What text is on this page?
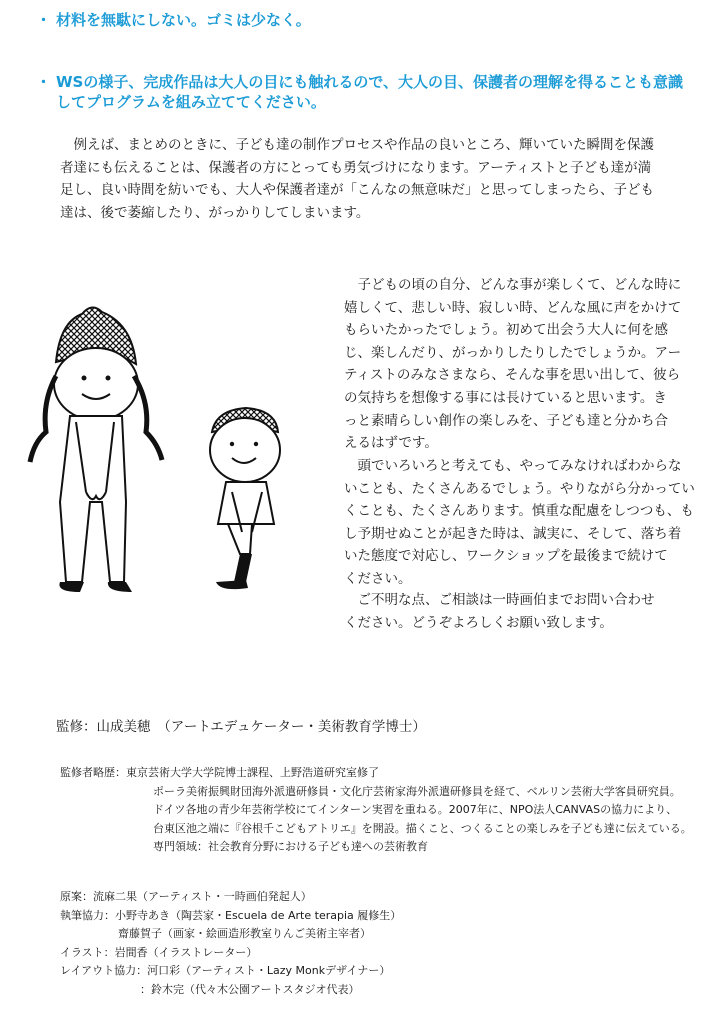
・ 材料を無駄にしない。ゴミは少なく。
・ WSの様子、完成作品は大人の目にも触れるので、大人の目、保護者の理解を得ることも意識してプログラムを組み立ててください。

　例えば、まとめのときに、子ども達の制作プロセスや作品の良いところ、輝いていた瞬間を保護

者達にも伝えることは、保護者の方にとっても勇気づけになります。アーティストと子ども達が満

足し、良い時間を紡いでも、大人や保護者達が「こんなの無意味だ」と思ってしまったら、子ども

達は、後で萎縮したり、がっかりしてしまいます。

　子どもの頃の自分、どんな事が楽しくて、どんな時に

嬉しくて、悲しい時、寂しい時、どんな風に声をかけて

もらいたかったでしょう。初めて出会う大人に何を感

じ、楽しんだり、がっかりしたりしたでしょうか。アー

ティストのみなさまなら、そんな事を思い出して、彼ら

の気持ちを想像する事には長けていると思います。き

っと素晴らしい創作の楽しみを、子ども達と分かち合

えるはずです。

　頭でいろいろと考えても、やってみなければわからな

いことも、たくさんあるでしょう。やりながら分かってい

くことも、たくさんあります。慎重な配慮をしつつも、も

し予期せぬことが起きた時は、誠実に、そして、落ち着

いた態度で対応し、ワークショップを最後まで続けて

ください。

　ご不明な点、ご相談は一時画伯までお問い合わせ

ください。どうぞよろしくお願い致します。

監修：山成美穂　（アートエデュケーター・美術教育学博士）
監修者略歴：東京芸術大学大学院博士課程、上野浩道研究室修了
ポーラ美術振興財団海外派遣研修員・文化庁芸術家海外派遣研修員を経て、ベルリン芸術大学客員研究員。
ドイツ各地の青少年芸術学校にてインターン実習を重ねる。2007年に、NPO法人CANVASの協力により、
台東区池之端に『谷根千こどもアトリエ』を開設。描くこと、つくることの楽しみを子ども達に伝えている。
専門領域：社会教育分野における子ども達への芸術教育
原案：流麻二果（アーティスト・一時画伯発起人）
執筆協力：小野寺あき（陶芸家・Escuela de Arte terapia 履修生）
齋藤賀子（画家・絵画造形教室りんご美術主宰者）
イラスト：岩間香（イラストレーター）
レイアウト協力：河口彩（アーティスト・Lazy Monkデザイナー）
：鈴木完（代々木公園アートスタジオ代表）
